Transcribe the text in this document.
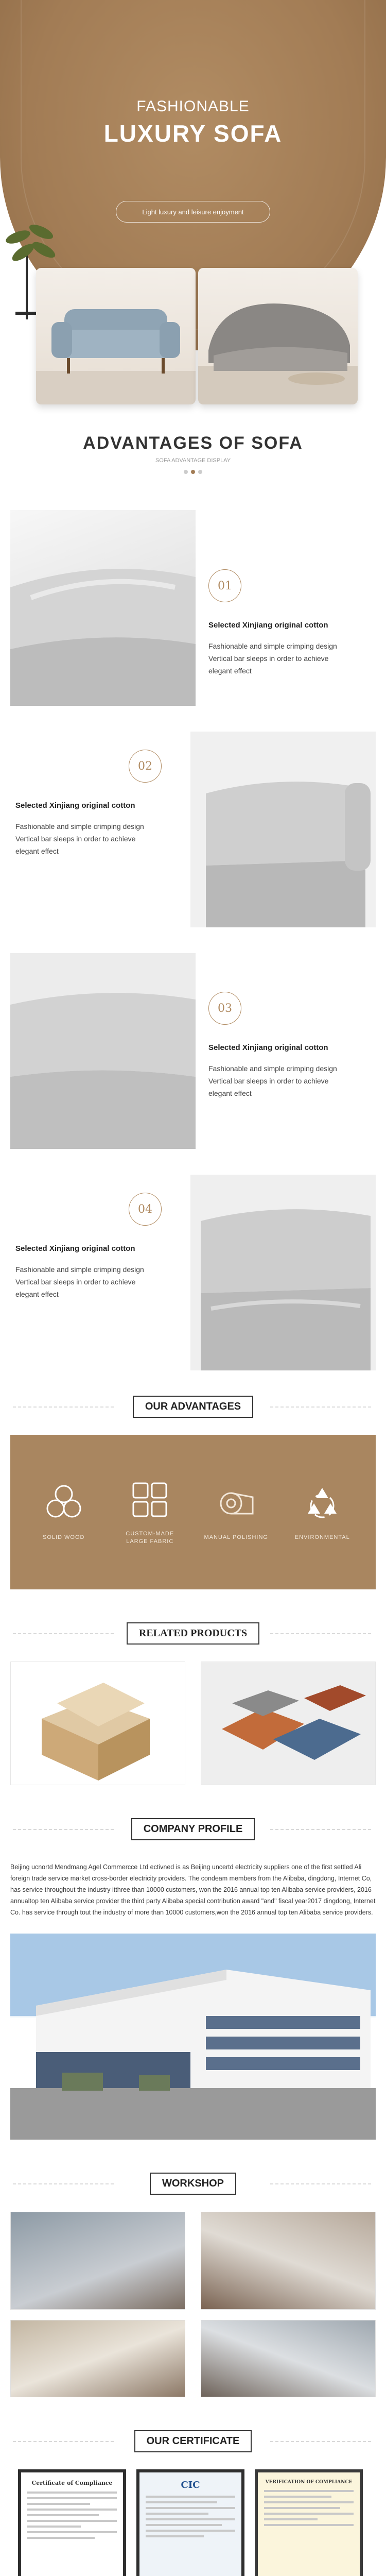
FASHIONABLE
LUXURY SOFA
Light luxury and leisure enjoyment
ADVANTAGES OF SOFA
SOFA ADVANTAGE DISPLAY
01
Selected Xinjiang original cotton

Fashionable and simple crimping design

Vertical bar sleeps in order to achieve

elegant effect

02
Selected Xinjiang original cotton

Fashionable and simple crimping design

Vertical bar sleeps in order to achieve

elegant effect

03
Selected Xinjiang original cotton

Fashionable and simple crimping design

Vertical bar sleeps in order to achieve

elegant effect

04
Selected Xinjiang original cotton

Fashionable and simple crimping design

Vertical bar sleeps in order to achieve

elegant effect

OUR ADVANTAGES
SOLID WOOD
CUSTOM-MADE LARGE FABRIC
MANUAL POLISHING	ENVIRONMENTAL
RELATED PRODUCTS
COMPANY PROFILE
Beijing ucnortd Mendmang Agel Commercce Ltd ectivned is as Beijing uncertd electricity suppliers one of the first settled Ali foreign trade service market cross-border electricity providers. The condeam members from the Alibaba, dingdong, Internet Co, has service throughout the industry itthree than 10000 customers, won the 2016 annual top ten Alibaba service providers, 2016 annualtop ten Alibaba service provider the third party Alibaba special contribution award "and" fiscal year2017 dingdong, Internet Co. has service through tout the industry of more than 10000 customers,won the 2016 annual top ten Alibaba service providers.
WORKSHOP
OUR CERTIFICATE
Certificate of Compliance	CIC	VERIFICATION OF COMPLIANCE
